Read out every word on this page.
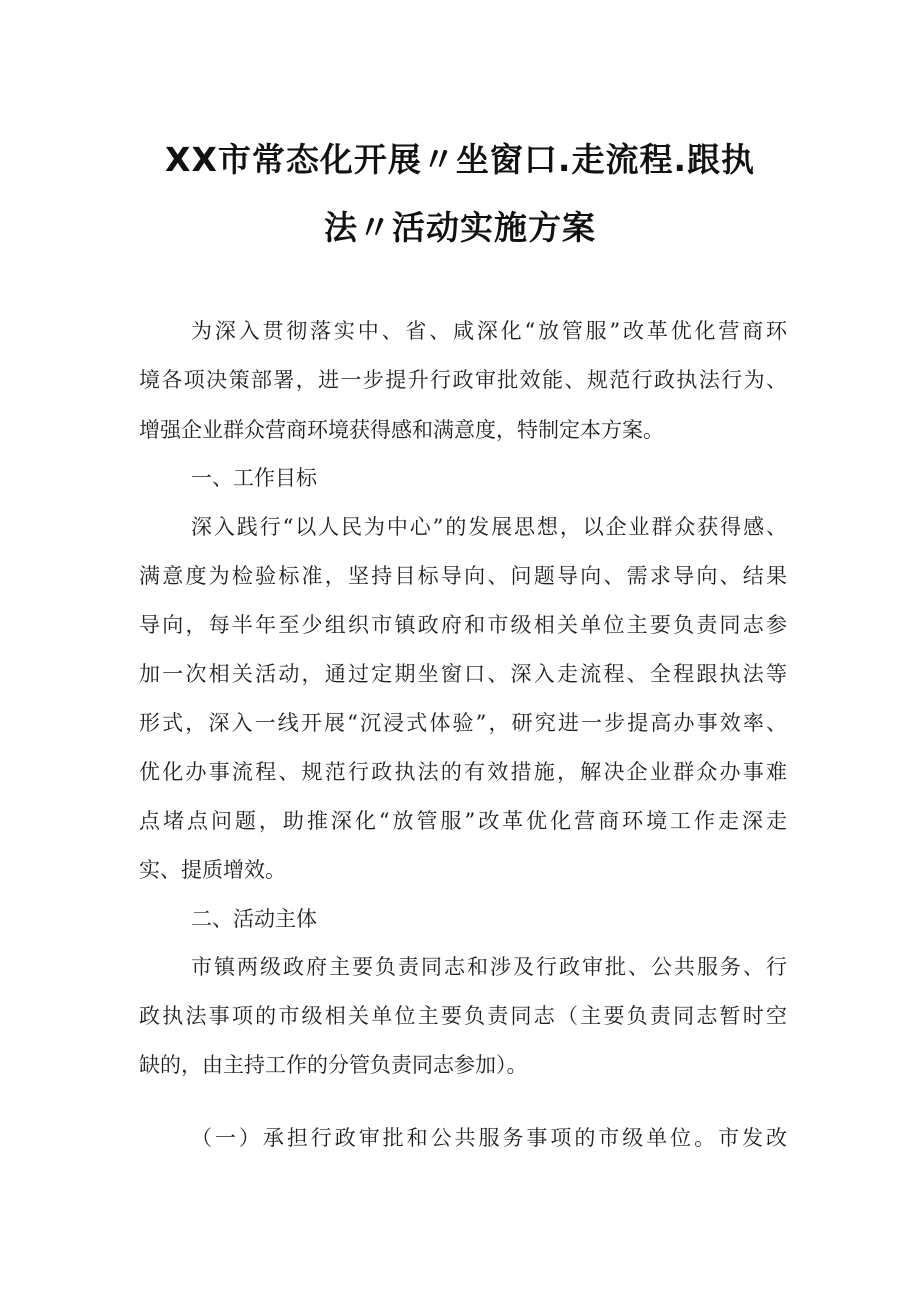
XX市常态化开展〃坐窗口.走流程.跟执
法〃活动实施方案
为深入贯彻落实中、省、咸深化“放管服”改革优化营商环
境各项决策部署，进一步提升行政审批效能、规范行政执法行为、
增强企业群众营商环境获得感和满意度，特制定本方案。
一、工作目标
深入践行“以人民为中心”的发展思想，以企业群众获得感、
满意度为检验标准，坚持目标导向、问题导向、需求导向、结果
导向，每半年至少组织市镇政府和市级相关单位主要负责同志参
加一次相关活动，通过定期坐窗口、深入走流程、全程跟执法等
形式，深入一线开展“沉浸式体验”，研究进一步提高办事效率、
优化办事流程、规范行政执法的有效措施，解决企业群众办事难
点堵点问题，助推深化“放管服”改革优化营商环境工作走深走
实、提质增效。
二、活动主体
市镇两级政府主要负责同志和涉及行政审批、公共服务、行
政执法事项的市级相关单位主要负责同志（主要负责同志暂时空
缺的，由主持工作的分管负责同志参加）。
（一）承担行政审批和公共服务事项的市级单位。市发改
